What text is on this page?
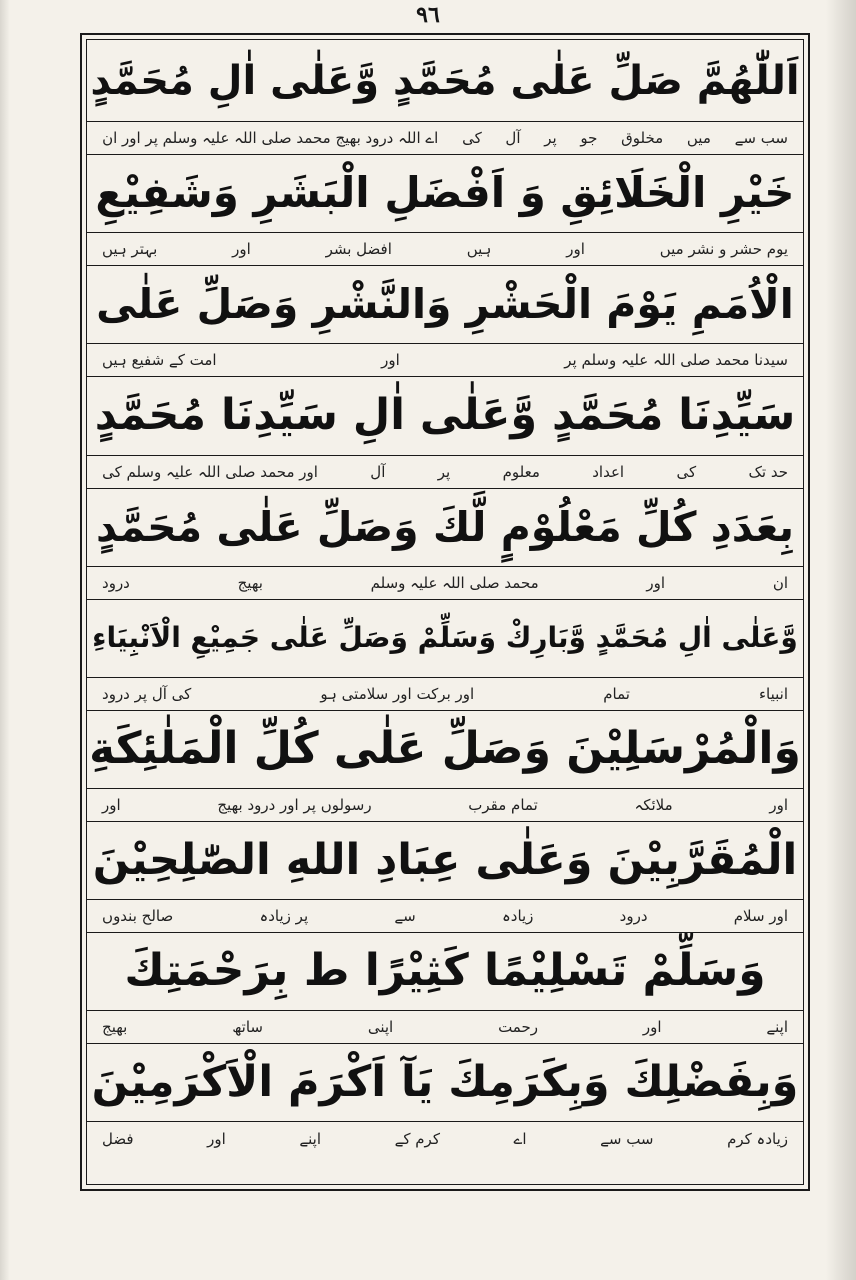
٩٦
اَللّٰهُمَّ صَلِّ عَلٰى مُحَمَّدٍ وَّعَلٰى اٰلِ مُحَمَّدٍ
اے اللہ درود بھیج محمد صلی اللہ علیہ وسلم پر اور ان کی آل پر جو مخلوق میں سب سے
خَيْرِ الْخَلَائِقِ وَ اَفْضَلِ الْبَشَرِ وَشَفِيْعِ
بہتر ہیں	اور	افضل بشر	ہیں	اور	یوم حشر و نشر میں
الْاُمَمِ يَوْمَ الْحَشْرِ وَالنَّشْرِ وَصَلِّ عَلٰى
امت کے شفیع ہیں	اور	سیدنا محمد صلی اللہ علیہ وسلم پر
سَيِّدِنَا مُحَمَّدٍ وَّعَلٰى اٰلِ سَيِّدِنَا مُحَمَّدٍ
اور محمد صلی اللہ علیہ وسلم کی	آل	پر	معلوم	اعداد	کی	حد تک
بِعَدَدِ كُلِّ مَعْلُوْمٍ لَّكَ وَصَلِّ عَلٰى مُحَمَّدٍ
درود	بھیج	محمد صلی اللہ علیہ وسلم	اور	ان
وَّعَلٰى اٰلِ مُحَمَّدٍ وَّبَارِكْ وَسَلِّمْ وَصَلِّ عَلٰى جَمِيْعِ الْاَنْبِيَاءِ
کی آل پر درود	اور برکت اور سلامتی ہو	تمام	انبیاء
وَالْمُرْسَلِيْنَ وَصَلِّ عَلٰى كُلِّ الْمَلٰئِكَةِ
اور	رسولوں پر اور درود بھیج	تمام مقرب	ملائکہ	اور
الْمُقَرَّبِيْنَ وَعَلٰى عِبَادِ اللهِ الصّٰلِحِيْنَ
صالح بندوں	پر زیادہ	سے	زیادہ	درود	اور سلام
وَسَلِّمْ تَسْلِيْمًا كَثِيْرًا ط بِرَحْمَتِكَ
بھیج	ساتھ	اپنی	رحمت	اور	اپنے
وَبِفَضْلِكَ وَبِكَرَمِكَ يَآ اَكْرَمَ الْاَكْرَمِيْنَ
فضل	اور	اپنے	کرم کے	اے	سب سے	زیادہ کرم
